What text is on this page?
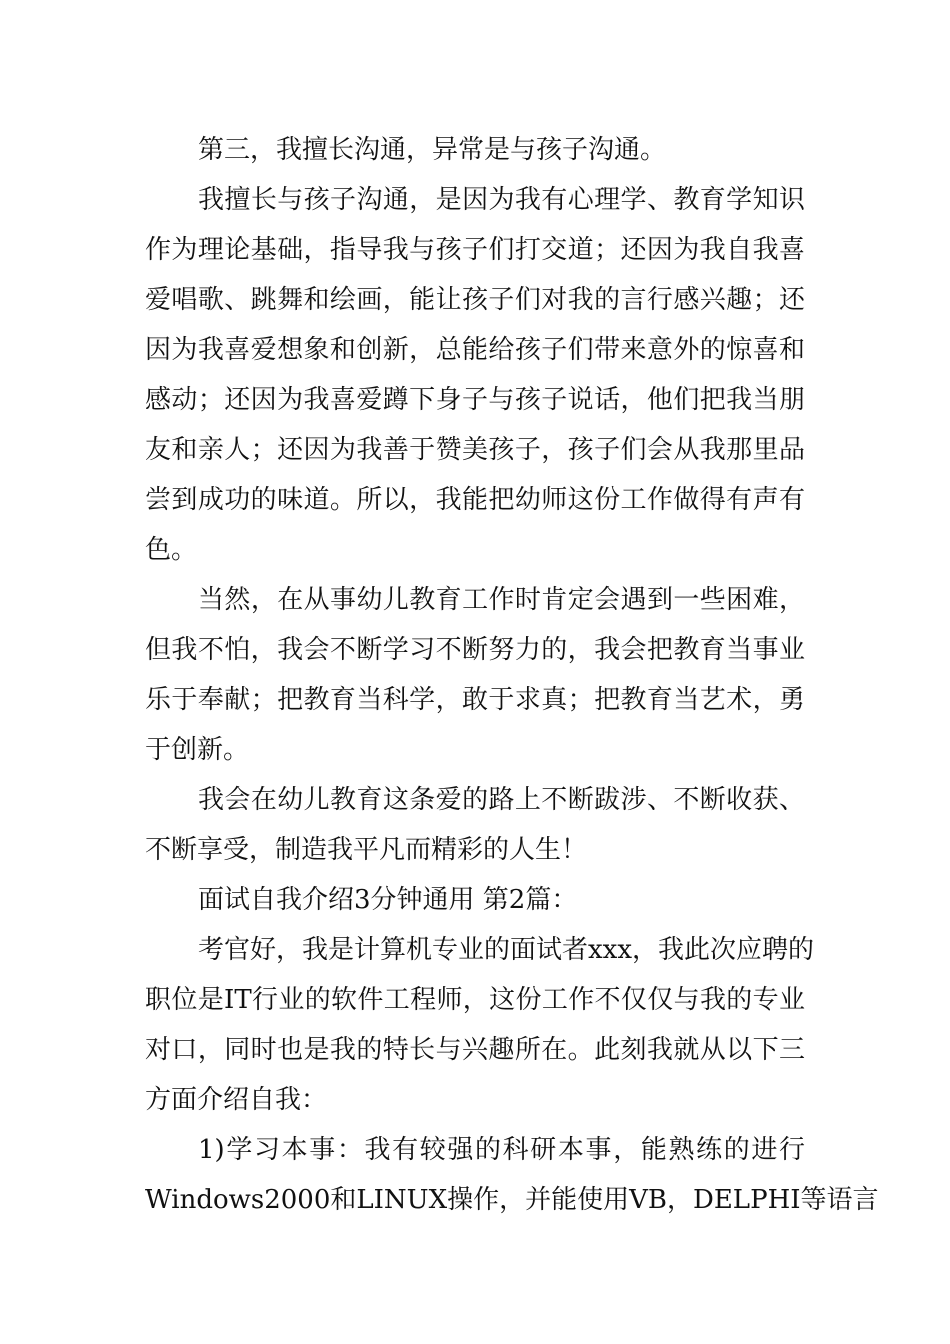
第三，我擅长沟通，异常是与孩子沟通。
我擅长与孩子沟通，是因为我有心理学、教育学知识
作为理论基础，指导我与孩子们打交道；还因为我自我喜
爱唱歌、跳舞和绘画，能让孩子们对我的言行感兴趣；还
因为我喜爱想象和创新，总能给孩子们带来意外的惊喜和
感动；还因为我喜爱蹲下身子与孩子说话，他们把我当朋
友和亲人；还因为我善于赞美孩子，孩子们会从我那里品
尝到成功的味道。所以，我能把幼师这份工作做得有声有
色。
当然，在从事幼儿教育工作时肯定会遇到一些困难，
但我不怕，我会不断学习不断努力的，我会把教育当事业
乐于奉献；把教育当科学，敢于求真；把教育当艺术，勇
于创新。
我会在幼儿教育这条爱的路上不断跋涉、不断收获、
不断享受，制造我平凡而精彩的人生！
面试自我介绍3分钟通用 第2篇：
考官好，我是计算机专业的面试者xxx，我此次应聘的
职位是IT行业的软件工程师，这份工作不仅仅与我的专业
对口，同时也是我的特长与兴趣所在。此刻我就从以下三
方面介绍自我：
1)学习本事：我有较强的科研本事，能熟练的进行
Windows2000和LINUX操作，并能使用VB，DELPHI等语言
